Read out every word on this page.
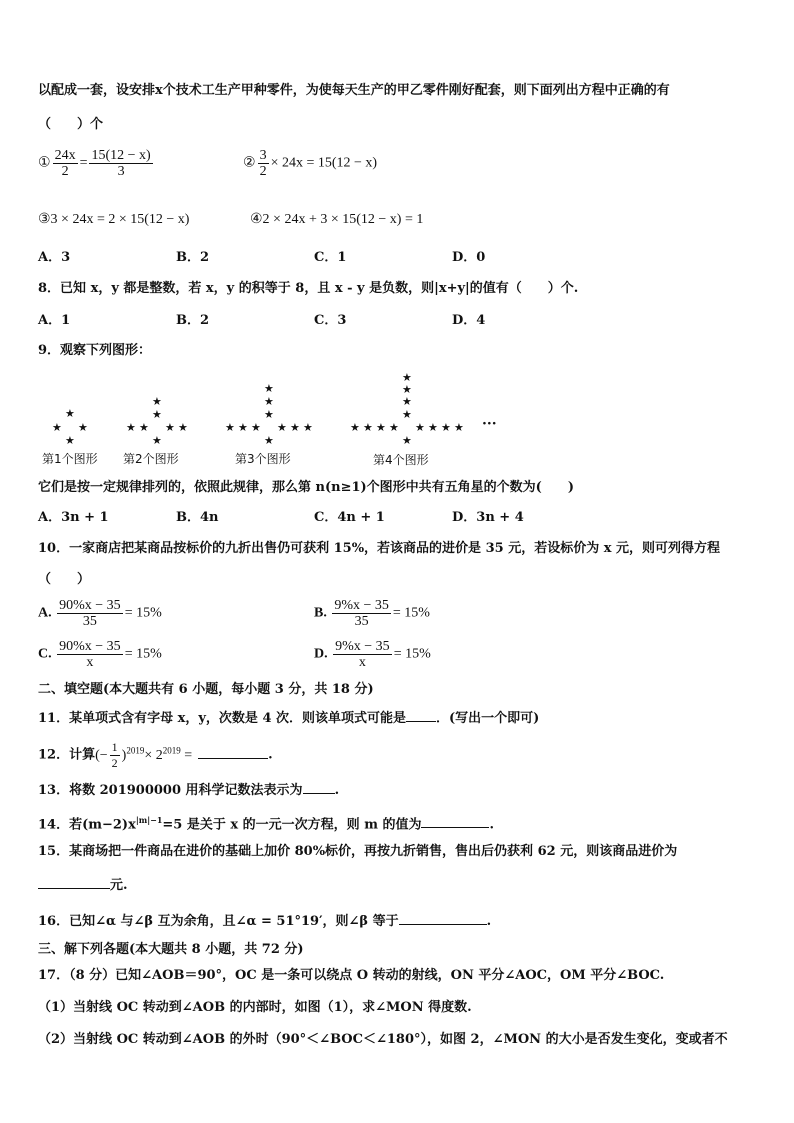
以配成一套，设安排x个技术工生产甲种零件，为使每天生产的甲乙零件刚好配套，则下面列出方程中正确的有
（　　）个
① $\frac{24x}{2} = \frac{15(12 - x)}{3}$	② $\frac{3}{2} \times 24x = 15(12 - x)$
③3 × 24x = 2 × 15(12 − x)	④2 × 24x + 3 × 15(12 − x) = 1
A．3	B．2	C．1	D．0
8．已知 x，y 都是整数，若 x，y 的积等于 8，且 x - y 是负数，则|x+y|的值有（　　）个.
A．1	B．2	C．3	D．4
9．观察下列图形：
★
★ ★
★
第1个图形
★
★
★ ★ ★ ★
★
第2个图形
★
★
★
★ ★ ★ ★ ★ ★
★
第3个图形
★
★
★
★
★ ★ ★ ★ ★ ★ ★ ★
★
第4个图形
···
它们是按一定规律排列的，依照此规律，那么第 n(n≥1)个图形中共有五角星的个数为(　　)
A．3n + 1	B．4n	C．4n + 1	D．3n + 4
10．一家商店把某商品按标价的九折出售仍可获利 15%，若该商品的进价是 35 元，若设标价为 x 元，则可列得方程
（　　）
A. $\frac{90\%x - 35}{35} = 15\%$	B. $\frac{9\%x - 35}{35} = 15\%$
C. $\frac{90\%x - 35}{x} = 15\%$	D. $\frac{9\%x - 35}{x} = 15\%$
二、填空题(本大题共有 6 小题，每小题 3 分，共 18 分)
11．某单项式含有字母 x，y，次数是 4 次．则该单项式可能是 ．(写出一个即可)
12．计算(− $\frac{1}{2} )^{2019}\times 2^{2019}$ =	.
13．将数 201900000 用科学记数法表示为 .
14．若$(m-2)x^{|m|-1}=5$ 是关于 x 的一元一次方程，则 m 的值为	.
15．某商场把一件商品在进价的基础上加价 80%标价，再按九折销售，售出后仍获利 62 元，则该商品进价为
元.
16．已知∠α 与∠β 互为余角，且∠α = 51°19′，则∠β 等于	.
三、解下列各题(本大题共 8 小题，共 72 分)
17．（8 分）已知∠AOB＝90°，OC 是一条可以绕点 O 转动的射线，ON 平分∠AOC，OM 平分∠BOC.
（1）当射线 OC 转动到∠AOB 的内部时，如图（1），求∠MON 得度数.
（2）当射线 OC 转动到∠AOB 的外时（90°＜∠BOC＜∠180°），如图 2，∠MON 的大小是否发生变化，变或者不
